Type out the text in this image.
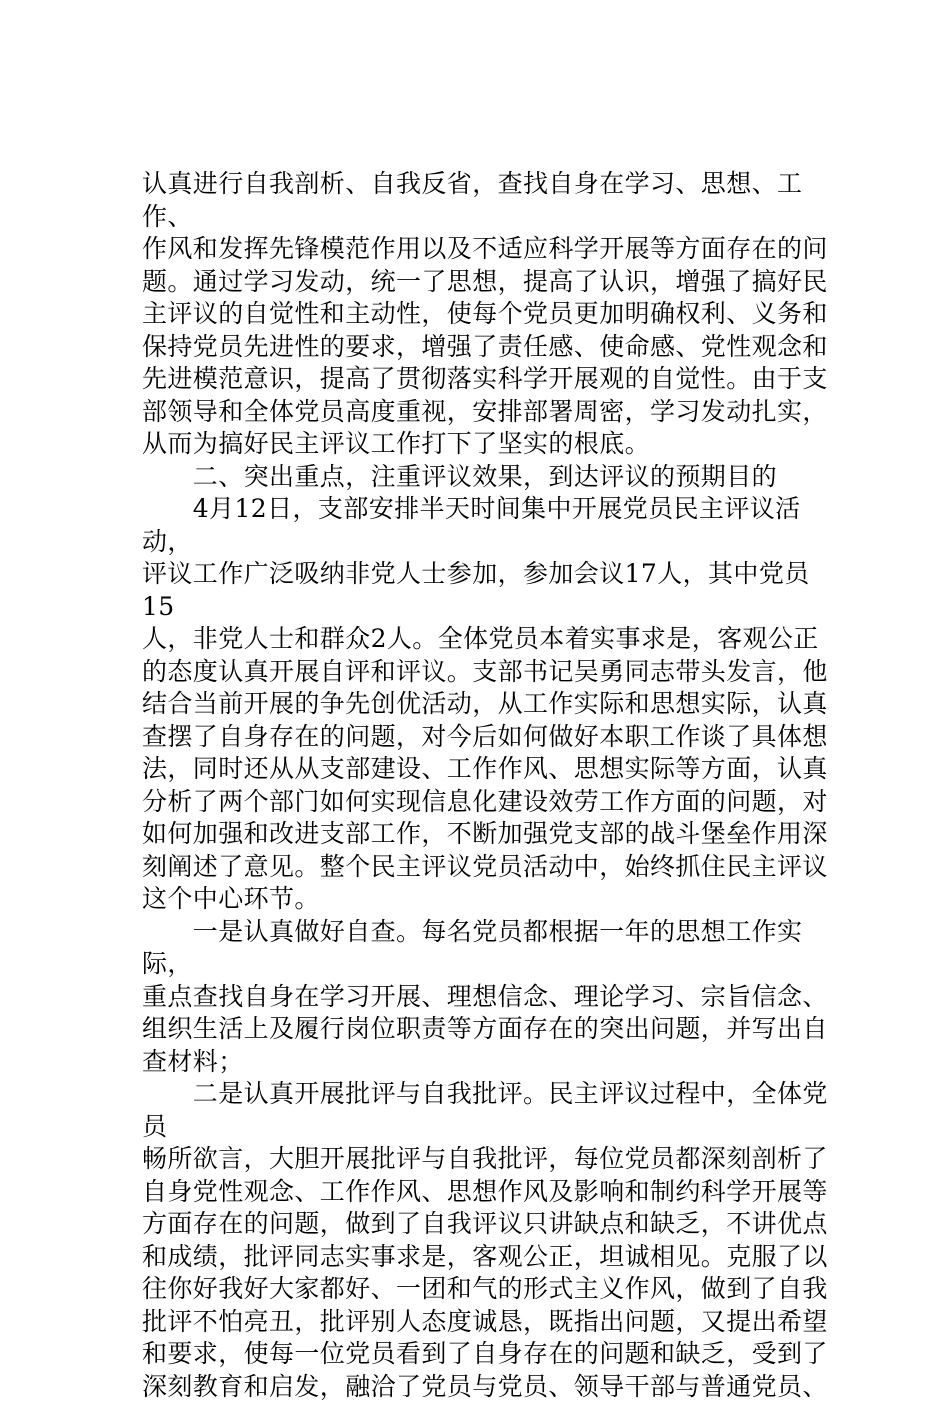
认真进行自我剖析、自我反省，查找自身在学习、思想、工作、
作风和发挥先锋模范作用以及不适应科学开展等方面存在的问
题。通过学习发动，统一了思想，提高了认识，增强了搞好民
主评议的自觉性和主动性，使每个党员更加明确权利、义务和
保持党员先进性的要求，增强了责任感、使命感、党性观念和
先进模范意识，提高了贯彻落实科学开展观的自觉性。由于支
部领导和全体党员高度重视，安排部署周密，学习发动扎实，
从而为搞好民主评议工作打下了坚实的根底。

　　二、突出重点，注重评议效果，到达评议的预期目的

　　4月12日，支部安排半天时间集中开展党员民主评议活动，
评议工作广泛吸纳非党人士参加，参加会议17人，其中党员15
人，非党人士和群众2人。全体党员本着实事求是，客观公正
的态度认真开展自评和评议。支部书记吴勇同志带头发言，他
结合当前开展的争先创优活动，从工作实际和思想实际，认真
查摆了自身存在的问题，对今后如何做好本职工作谈了具体想
法，同时还从从支部建设、工作作风、思想实际等方面，认真
分析了两个部门如何实现信息化建设效劳工作方面的问题，对
如何加强和改进支部工作，不断加强党支部的战斗堡垒作用深
刻阐述了意见。整个民主评议党员活动中，始终抓住民主评议
这个中心环节。

　　一是认真做好自查。每名党员都根据一年的思想工作实际，
重点查找自身在学习开展、理想信念、理论学习、宗旨信念、
组织生活上及履行岗位职责等方面存在的突出问题，并写出自
查材料；

　　二是认真开展批评与自我批评。民主评议过程中，全体党员
畅所欲言，大胆开展批评与自我批评，每位党员都深刻剖析了
自身党性观念、工作作风、思想作风及影响和制约科学开展等
方面存在的问题，做到了自我评议只讲缺点和缺乏，不讲优点
和成绩，批评同志实事求是，客观公正，坦诚相见。克服了以
往你好我好大家都好、一团和气的形式主义作风，做到了自我
批评不怕亮丑，批评别人态度诚恳，既指出问题，又提出希望
和要求，使每一位党员看到了自身存在的问题和缺乏，受到了
深刻教育和启发，融洽了党员与党员、领导干部与普通党员、
